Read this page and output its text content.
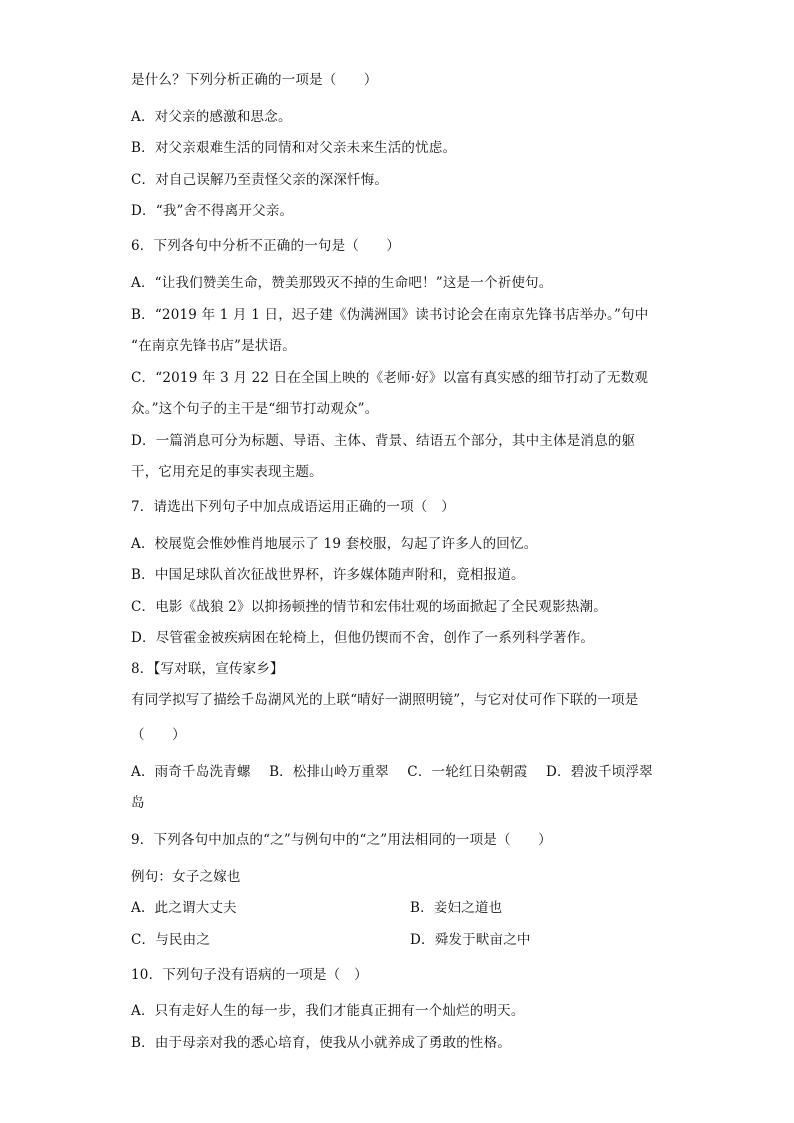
是什么？下列分析正确的一项是（　　）
A．对父亲的感激和思念。
B．对父亲艰难生活的同情和对父亲未来生活的忧虑。
C．对自己误解乃至责怪父亲的深深忏悔。
D．“我”舍不得离开父亲。
6．下列各句中分析不正确的一句是（　　）
A．“让我们赞美生命，赞美那毁灭不掉的生命吧！”这是一个祈使句。
B．“2019 年 1 月 1 日，迟子建《伪满洲国》读书讨论会在南京先锋书店举办。”句中
“在南京先锋书店”是状语。
C．“2019 年 3 月 22 日在全国上映的《老师·好》以富有真实感的细节打动了无数观
众。”这个句子的主干是“细节打动观众”。
D．一篇消息可分为标题、导语、主体、背景、结语五个部分，其中主体是消息的躯
干，它用充足的事实表现主题。
7．请选出下列句子中加点成语运用正确的一项（　）
A．校展览会惟妙惟肖地展示了 19 套校服，勾起了许多人的回忆。
B．中国足球队首次征战世界杯，许多媒体随声附和，竟相报道。
C．电影《战狼 2》以抑扬顿挫的情节和宏伟壮观的场面掀起了全民观影热潮。
D．尽管霍金被疾病困在轮椅上，但他仍锲而不舍，创作了一系列科学著作。
8．【写对联，宣传家乡】
有同学拟写了描绘千岛湖风光的上联“晴好一湖照明镜”，与它对仗可作下联的一项是
（　　）
A．雨奇千岛洗青螺 B．松排山岭万重翠 C．一轮红日染朝霞 D．碧波千顷浮翠
岛
9．下列各句中加点的“之”与例句中的“之”用法相同的一项是（　　）
例句：女子之嫁也
A．此之谓大丈夫	B．妾妇之道也
C．与民由之	D．舜发于畎亩之中
10．下列句子没有语病的一项是（　）
A．只有走好人生的每一步，我们才能真正拥有一个灿烂的明天。
B．由于母亲对我的悉心培育，使我从小就养成了勇敢的性格。
